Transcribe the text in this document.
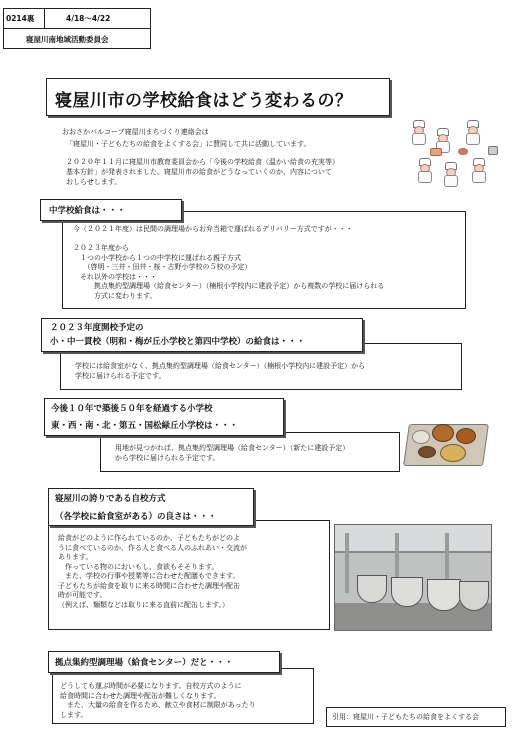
0214裏	4/18～4/22
寝屋川南地域活動委員会
寝屋川市の学校給食はどう変わるの？
おおさかパルコープ寝屋川まちづくり連絡会は
「寝屋川・子どもたちの給食をよくする会」に賛同して共に活動しています。
２０２０年１１月に寝屋川市教育委員会から「今後の学校給食（温かい給食の充実等）
基本方針」が発表されました。寝屋川市の給食がどうなっていくのか、内容について
おしらせします。
今（２０２１年度）は民間の調理場からお弁当箱で運ばれるデリバリー方式ですが・・・

２０２３年度から
　１つの小学校から１つの中学校に運ばれる親子方式
　　（啓明・三井・田井・桜・古野小学校の５校の予定）
　それ以外の学校は・・・
　　　拠点集約型調理場（給食センター）（楠根小学校内に建設予定）から複数の学校に届けられる
　　　方式に変わります。
中学校給食は・・・
学校には給食室がなく、拠点集約型調理場（給食センター）（楠根小学校内に建設予定）から
学校に届けられる予定です。
２０２３年度開校予定の
小・中一貫校（明和・梅が丘小学校と第四中学校）の給食は・・・
用地が見つかれば、拠点集約型調理場（給食センター）（新たに建設予定）
から学校に届けられる予定です。
今後１０年で築後５０年を経過する小学校
東・西・南・北・第五・国松緑丘小学校は・・・
給食がどのように作られているのか、子どもたちがどのよ
うに食べているのか、作る人と食べる人のふれあい・交流が
あります。
　作っている物のにおいもし、食欲もそそります。
　また、学校の行事や授業等に合わせた配膳もできます。
子どもたちが給食を取りに来る時間に合わせた調理や配缶
時が可能です。
（例えば、麺類などは取りに来る直前に配缶します。）
寝屋川の誇りである自校方式
（各学校に給食室がある）の良さは・・・
どうしても運ぶ時間が必要になります。自校方式のように
給食時間に合わせた調理や配缶が難しくなります。
　また、大量の給食を作るため、献立や食材に制限があったり
します。
拠点集約型調理場（給食センター）だと・・・
引用：寝屋川・子どもたちの給食をよくする会
